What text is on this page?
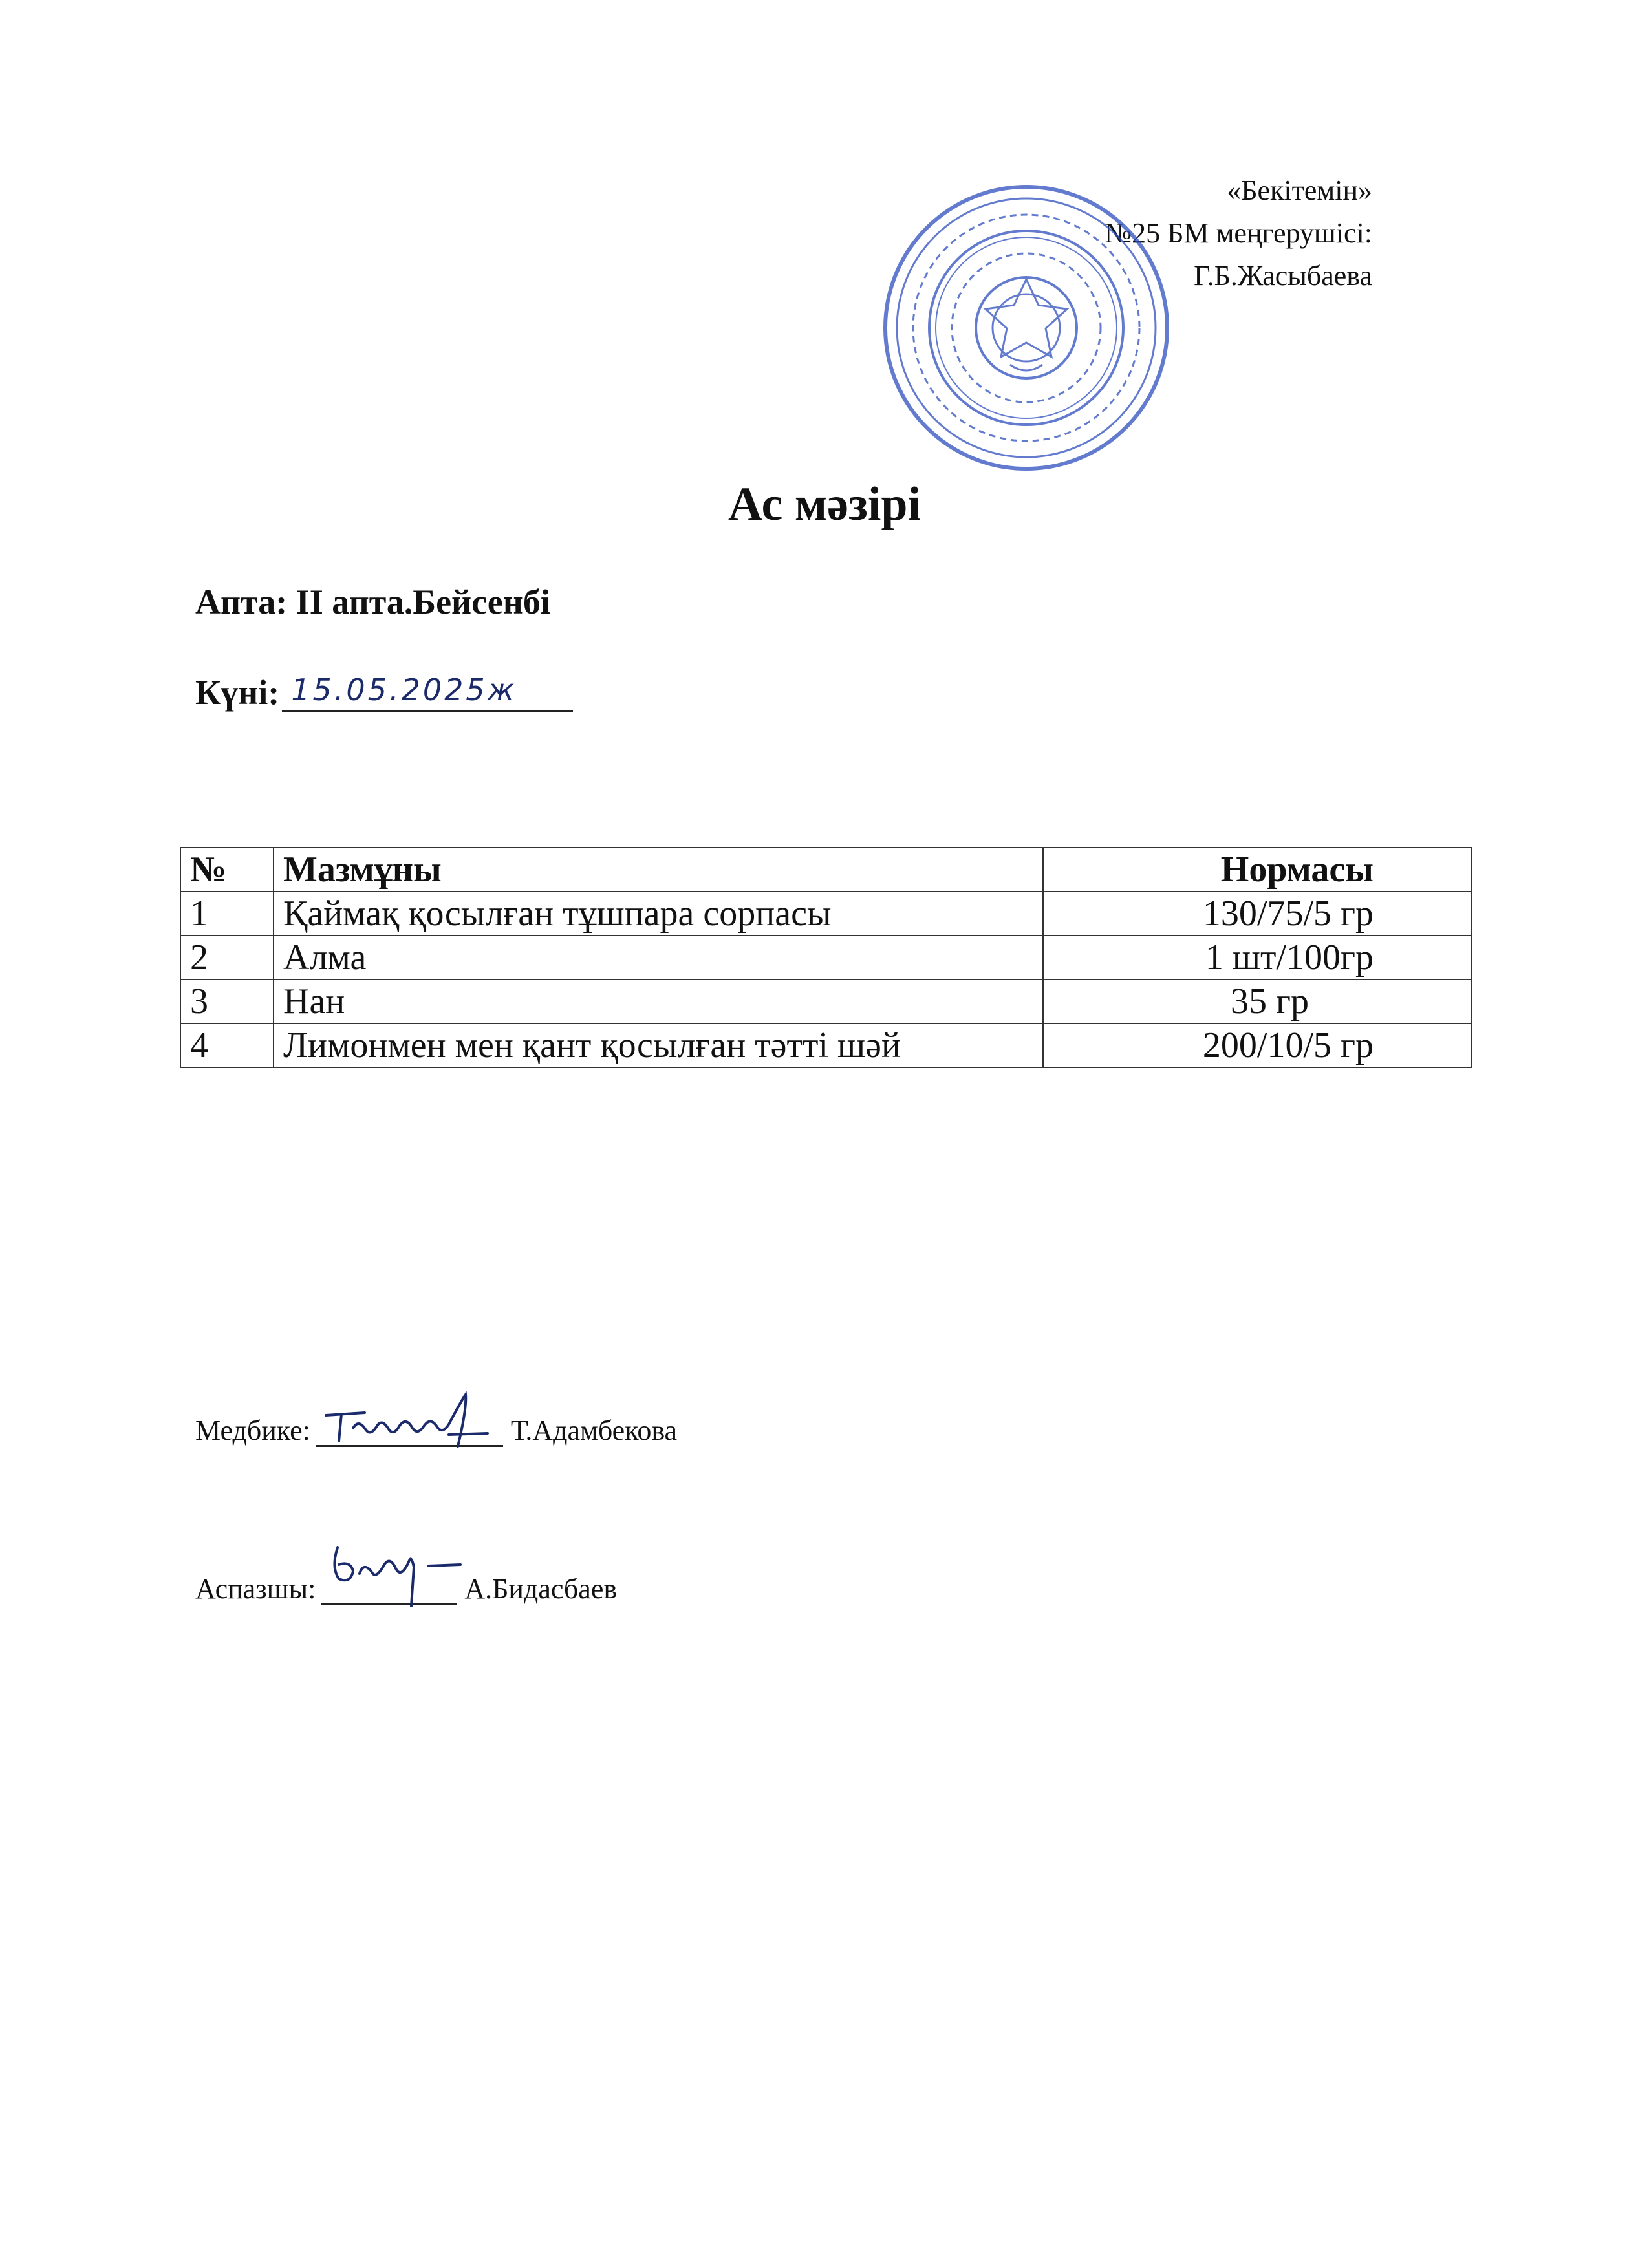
«Бекітемін»
№25 БМ меңгерушісі:
Г.Б.Жасыбаева
Ас мәзірі
Апта: II апта.Бейсенбі
Күні: 15.05.2025ж
№	Мазмұны	Нормасы
1	Қаймақ қосылған тұшпара сорпасы	130/75/5 гр
2	Алма	1 шт/100гр
3	Нан	35 гр
4	Лимонмен мен қант қосылған тәтті шәй	200/10/5 гр
Медбике:	Т.Адамбекова
Аспазшы:	А.Бидасбаев
